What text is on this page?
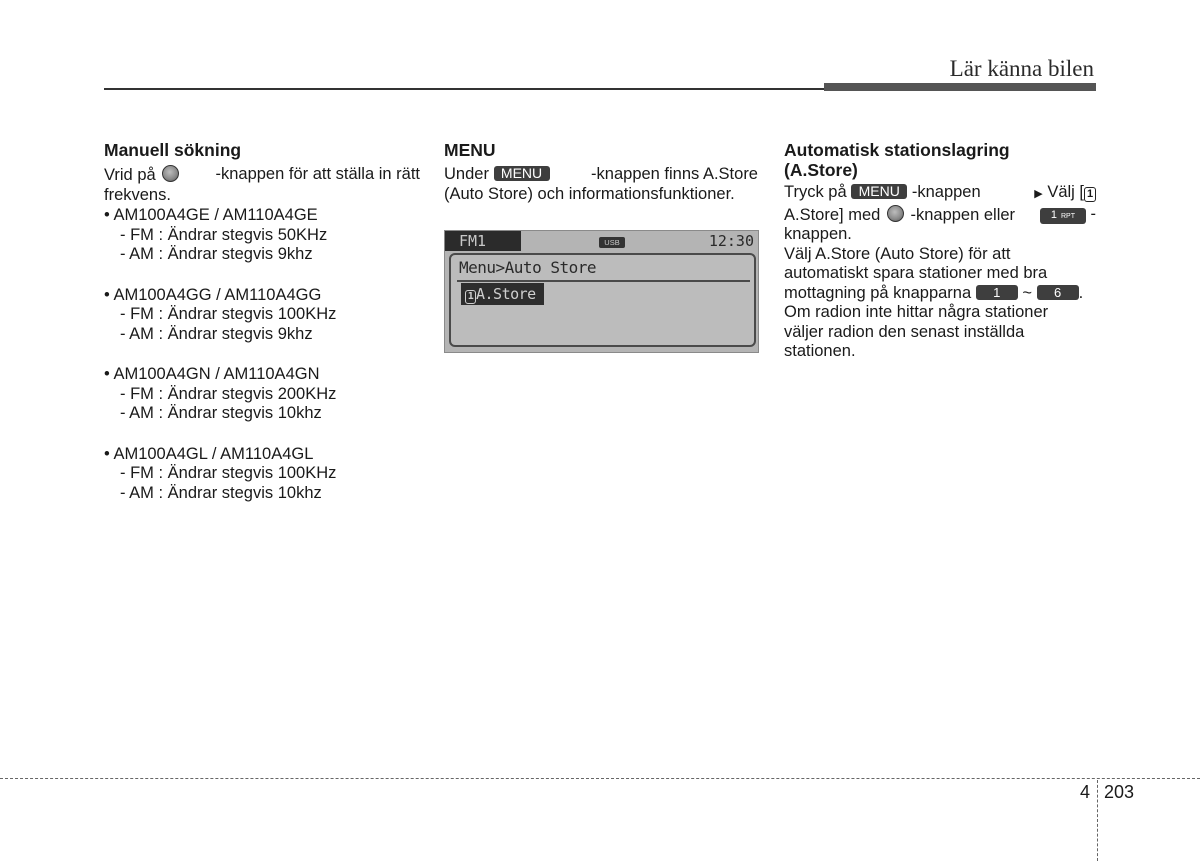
Lär känna bilen
Manuell sökning
Vrid på	-knappen för att ställa in rätt
frekvens.
• AM100A4GE / AM110A4GE
- FM : Ändrar stegvis 50KHz
- AM : Ändrar stegvis 9khz
• AM100A4GG / AM110A4GG
- FM : Ändrar stegvis 100KHz
- AM : Ändrar stegvis 9khz
• AM100A4GN / AM110A4GN
- FM : Ändrar stegvis 200KHz
- AM : Ändrar stegvis 10khz
• AM100A4GL / AM110A4GL
- FM : Ändrar stegvis 100KHz
- AM : Ändrar stegvis 10khz
MENU
Under MENU	-knappen finns A.Store
(Auto Store) och informationsfunktioner.
FM1	USB	12:30
Menu>Auto Store
1 A.Store
Automatisk stationslagring
(A.Store)
Tryck på MENU -knappen	▶ Välj [ 1
A.Store] med -knappen eller	1 RPT -
knappen.
Välj A.Store (Auto Store) för att
automatiskt spara stationer med bra
mottagning på knapparna 1 ~ 6 .
Om radion inte hittar några stationer
väljer radion den senast inställda
stationen.
4 203
